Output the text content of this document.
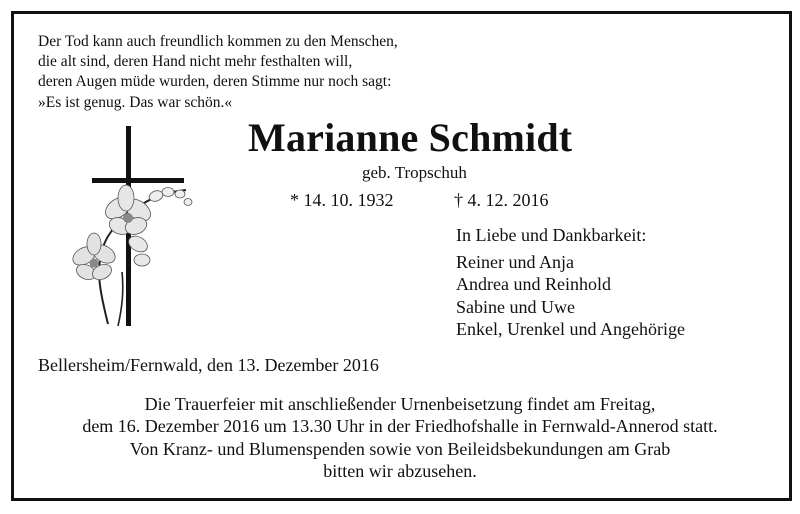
Der Tod kann auch freundlich kommen zu den Menschen,
die alt sind, deren Hand nicht mehr festhalten will,
deren Augen müde wurden, deren Stimme nur noch sagt:
»Es ist genug. Das war schön.«
Marianne Schmidt
geb. Tropschuh
* 14. 10. 1932	† 4. 12. 2016
In Liebe und Dankbarkeit:
Reiner und Anja
Andrea und Reinhold
Sabine und Uwe
Enkel, Urenkel und Angehörige
Bellersheim/Fernwald, den 13. Dezember 2016
Die Trauerfeier mit anschließender Urnenbeisetzung findet am Freitag,
dem 16. Dezember 2016 um 13.30 Uhr in der Friedhofshalle in Fernwald-Annerod statt.
Von Kranz- und Blumenspenden sowie von Beileidsbekundungen am Grab
bitten wir abzusehen.
